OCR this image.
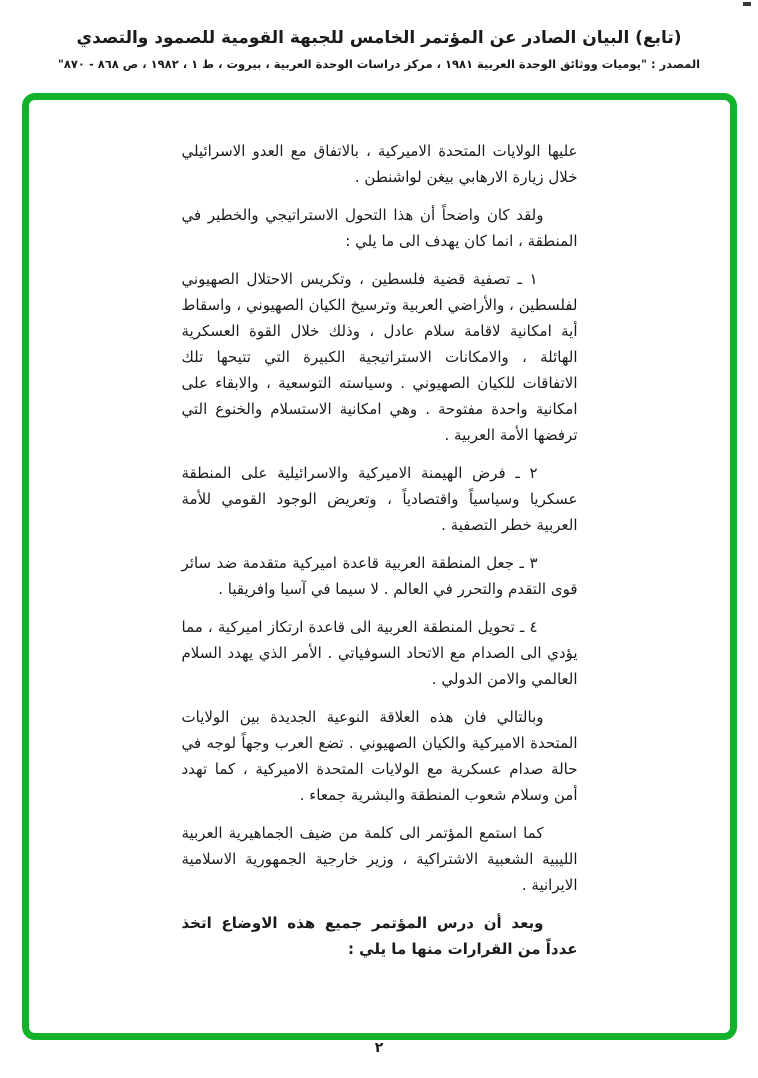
(تابع) البيان الصادر عن المؤتمر الخامس للجبهة القومية للصمود والتصدي
المصدر : "يوميات ووثائق الوحدة العربية ١٩٨١ ، مركز دراسات الوحدة العربية ، بيروت ، ط ١ ، ١٩٨٢ ، ص ٨٦٨ - ٨٧٠"

عليها الولايات المتحدة الاميركية ، بالاتفاق مع العدو الاسرائيلي خلال زيارة الارهابي بيغن لواشنطن .

ولقد كان واضحاً أن هذا التحول الاستراتيجي والخطير في المنطقة ، انما كان يهدف الى ما يلي :

١ ـ تصفية قضية فلسطين ، وتكريس الاحتلال الصهيوني لفلسطين ، والأراضي العربية وترسيخ الكيان الصهيوني ، واسقاط أية امكانية لاقامة سلام عادل ، وذلك خلال القوة العسكرية الهائلة ، والامكانات الاستراتيجية الكبيرة التي تتيحها تلك الاتفاقات للكيان الصهيوني . وسياسته التوسعية ، والابقاء على امكانية واحدة مفتوحة . وهي امكانية الاستسلام والخنوع التي ترفضها الأمة العربية .

٢ ـ فرض الهيمنة الاميركية والاسرائيلية على المنطقة عسكريا وسياسياً واقتصادياً ، وتعريض الوجود القومي للأمة العربية خطر التصفية .

٣ ـ جعل المنطقة العربية قاعدة اميركية متقدمة ضد سائر قوى التقدم والتحرر في العالم . لا سيما في آسيا وافريقيا .

٤ ـ تحويل المنطقة العربية الى قاعدة ارتكاز اميركية ، مما يؤدي الى الصدام مع الاتحاد السوفياتي . الأمر الذي يهدد السلام العالمي والامن الدولي .

وبالتالي فان هذه العلاقة النوعية الجديدة بين الولايات المتحدة الاميركية والكيان الصهيوني . تضع العرب وجهاً لوجه في حالة صدام عسكرية مع الولايات المتحدة الاميركية ، كما تهدد أمن وسلام شعوب المنطقة والبشرية جمعاء .

كما استمع المؤتمر الى كلمة من ضيف الجماهيرية العربية الليبية الشعبية الاشتراكية ، وزير خارجية الجمهورية الاسلامية الايرانية .

وبعد أن درس المؤتمر جميع هذه الاوضاع اتخذ عدداً من القرارات منها ما يلي :

٢
